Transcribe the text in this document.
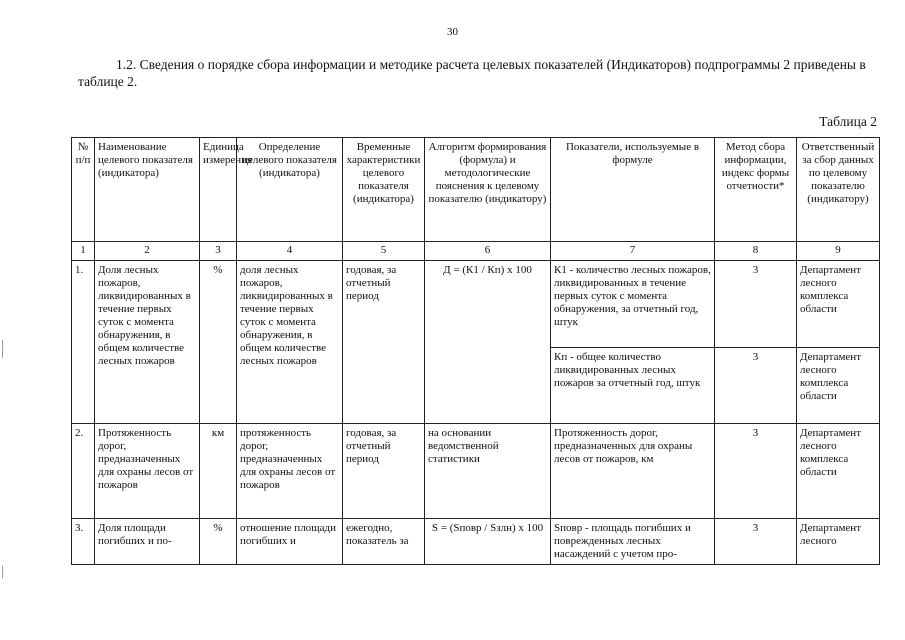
30
1.2. Сведения о порядке сбора информации и методике расчета целевых показателей (Индикаторов) подпрограммы 2 приведены в таблице 2.
Таблица 2
№ п/п	Наименование целевого показателя (индикатора)	Единица измерения	Определение целевого показателя (индикатора)	Временные характеристики целевого показателя (индикатора)	Алгоритм формирования (формула) и методологические пояснения к целевому показателю (индикатору)	Показатели, используемые в формуле	Метод сбора информации, индекс формы отчетности*	Ответственный за сбор данных по целевому показателю (индикатору)
1	2	3	4	5	6	7	8	9
1.	Доля лесных пожаров, ликвидированных в течение первых суток с момента обнаружения, в общем количестве лесных пожаров	%	доля лесных пожаров, ликвидированных в течение первых суток с момента обнаружения, в общем количестве лесных пожаров	годовая, за отчетный период	Д = (К1 / Кп) х 100	К1 - количество лесных пожаров, ликвидированных в течение первых суток с момента обнаружения, за отчетный год, штук	3	Департамент лесного комплекса области
						Кп - общее количество ликвидированных лесных пожаров за отчетный год, штук	3	Департамент лесного комплекса области
2.	Протяженность дорог, предназначенных для охраны лесов от пожаров	км	протяженность дорог, предназначенных для охраны лесов от пожаров	годовая, за отчетный период	на основании ведомственной статистики	Протяженность дорог, предназначенных для охраны лесов от пожаров, км	3	Департамент лесного комплекса области
3.	Доля площади погибших и по-	%	отношение площади погибших и	ежегодно, показатель за	S = (Sповр / Sзлн) х 100	Sповр - площадь погибших и поврежденных лесных насаждений с учетом про-	3	Департамент лесного
